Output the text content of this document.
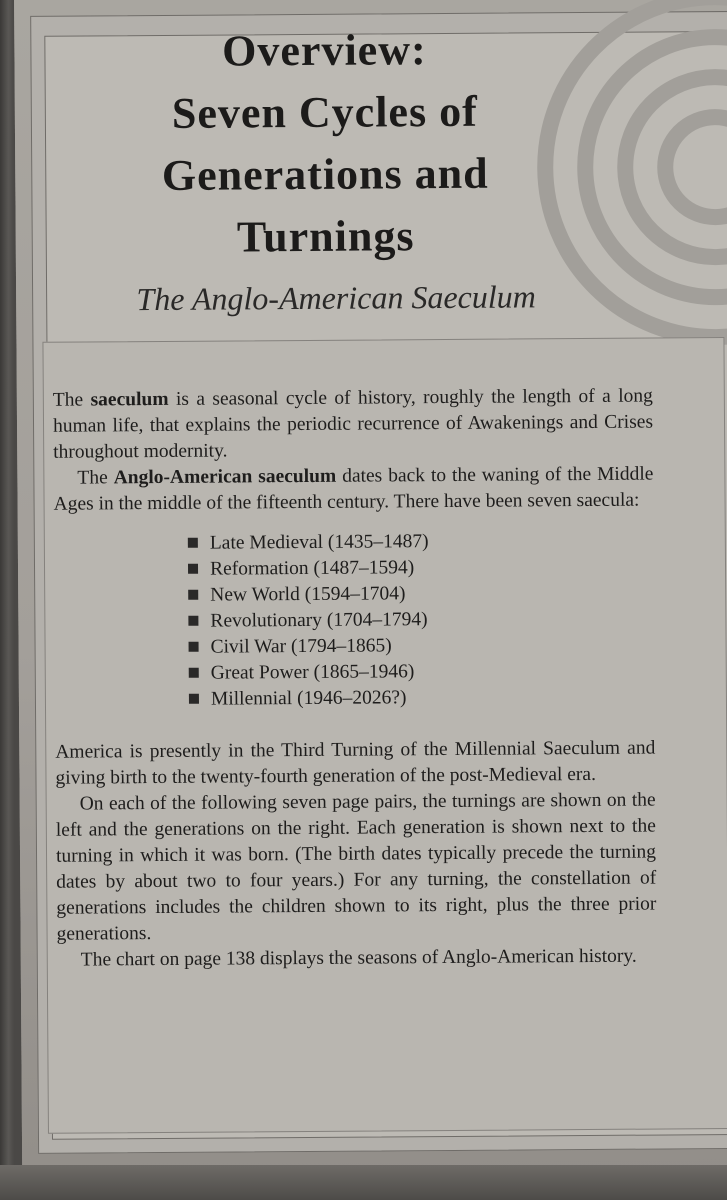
Overview:
Seven Cycles of
Generations and
Turnings
The Anglo-American Saeculum

The saeculum is a seasonal cycle of history, roughly the length of a long human life, that explains the periodic recurrence of Awakenings and Crises throughout modernity.

The Anglo-American saeculum dates back to the waning of the Middle Ages in the middle of the fifteenth century. There have been seven saecula:

Late Medieval (1435–1487)
Reformation (1487–1594)
New World (1594–1704)
Revolutionary (1704–1794)
Civil War (1794–1865)
Great Power (1865–1946)
Millennial (1946–2026?)

America is presently in the Third Turning of the Millennial Saeculum and giving birth to the twenty-fourth generation of the post-Medieval era.

On each of the following seven page pairs, the turnings are shown on the left and the generations on the right. Each generation is shown next to the turning in which it was born. (The birth dates typically precede the turning dates by about two to four years.) For any turning, the constellation of generations includes the children shown to its right, plus the three prior generations.

The chart on page 138 displays the seasons of Anglo-American history.
